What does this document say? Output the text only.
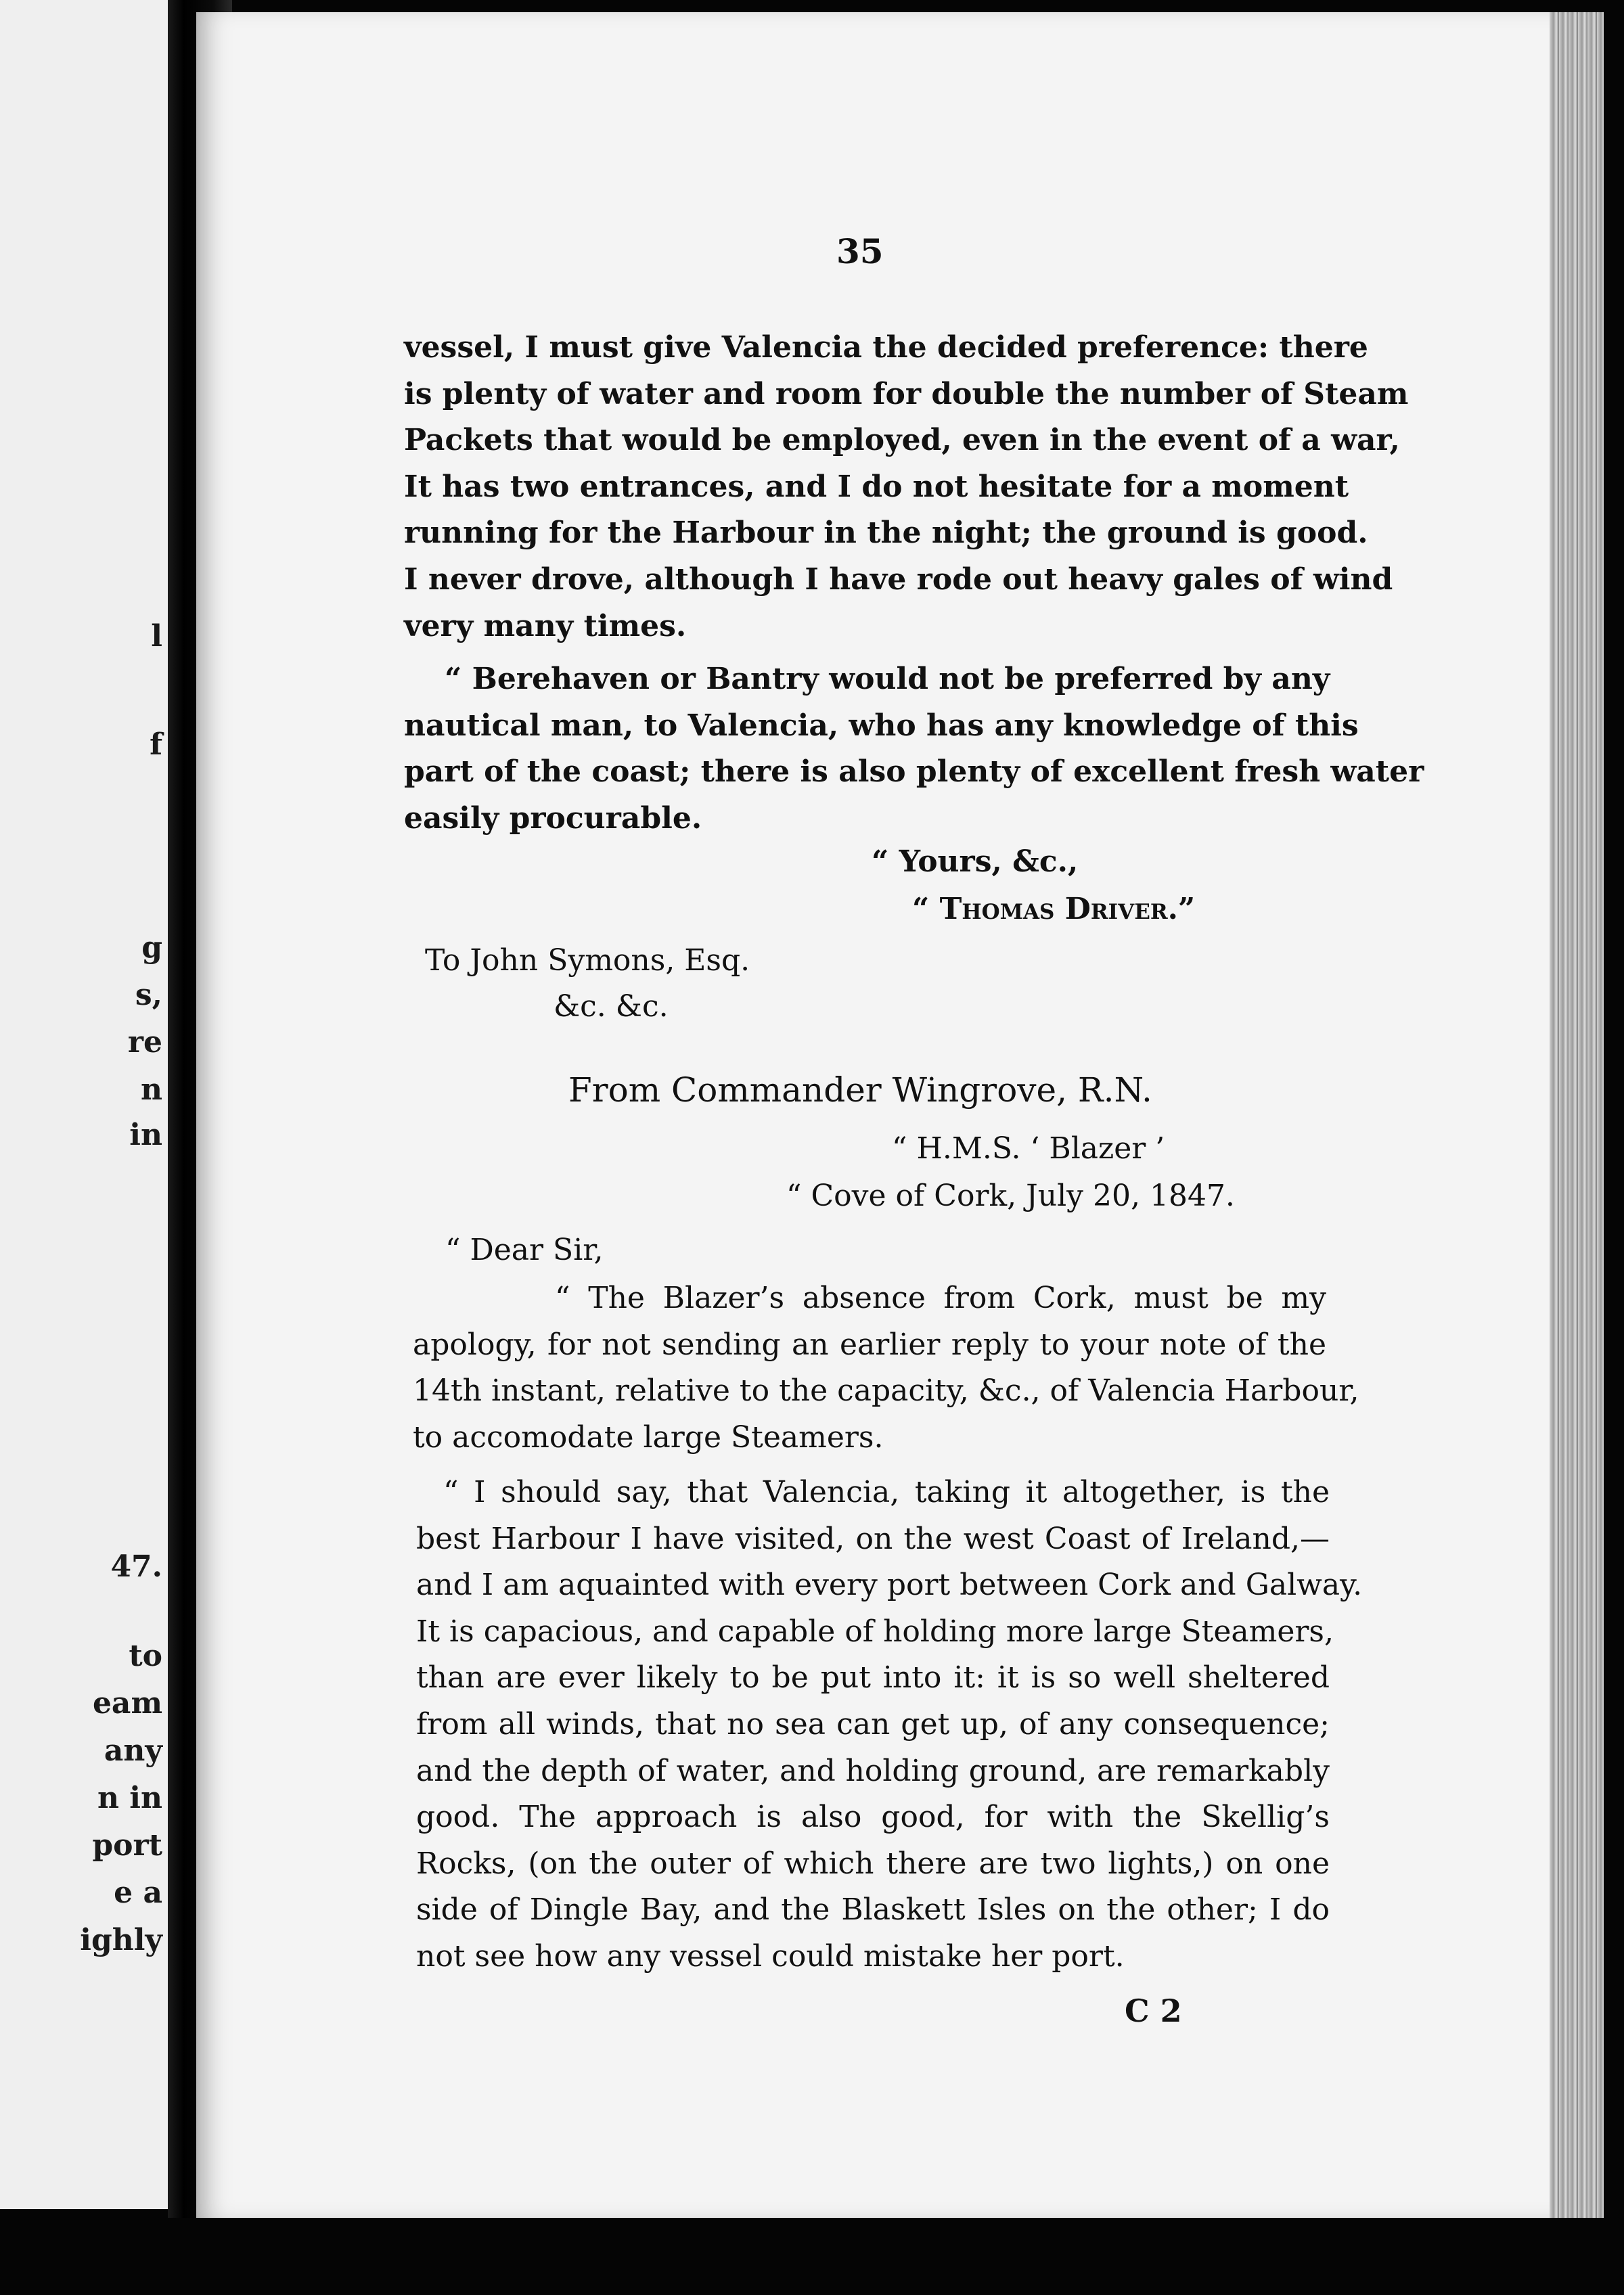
l
f
g
s,
re
n
in
47.
to
eam
any
n in
port
e a
ighly
35
vessel, I must give Valencia the decided preference: there
is plenty of water and room for double the number of Steam
Packets that would be employed, even in the event of a war,
It has two entrances, and I do not hesitate for a moment
running for the Harbour in the night; the ground is good.
I never drove, although I have rode out heavy gales of wind
very many times.
“ Berehaven or Bantry would not be preferred by any
nautical man, to Valencia, who has any knowledge of this
part of the coast; there is also plenty of excellent fresh water
easily procurable.
“ Yours, &c.,
“ Thomas Driver.”
To John Symons, Esq.
&c. &c.
From Commander Wingrove, R.N.
“ H.M.S. ‘ Blazer ’
“ Cove of Cork, July 20, 1847.
“ Dear Sir,
“ The Blazer’s absence from Cork, must be my
apology, for not sending an earlier reply to your note of the
14th instant, relative to the capacity, &c., of Valencia Harbour,
to accomodate large Steamers.
“ I should say, that Valencia, taking it altogether, is the
best Harbour I have visited, on the west Coast of Ireland,—
and I am aquainted with every port between Cork and Galway.
It is capacious, and capable of holding more large Steamers,
than are ever likely to be put into it: it is so well sheltered
from all winds, that no sea can get up, of any consequence;
and the depth of water, and holding ground, are remarkably
good. The approach is also good, for with the Skellig’s
Rocks, (on the outer of which there are two lights,) on one
side of Dingle Bay, and the Blaskett Isles on the other; I do
not see how any vessel could mistake her port.
C 2
